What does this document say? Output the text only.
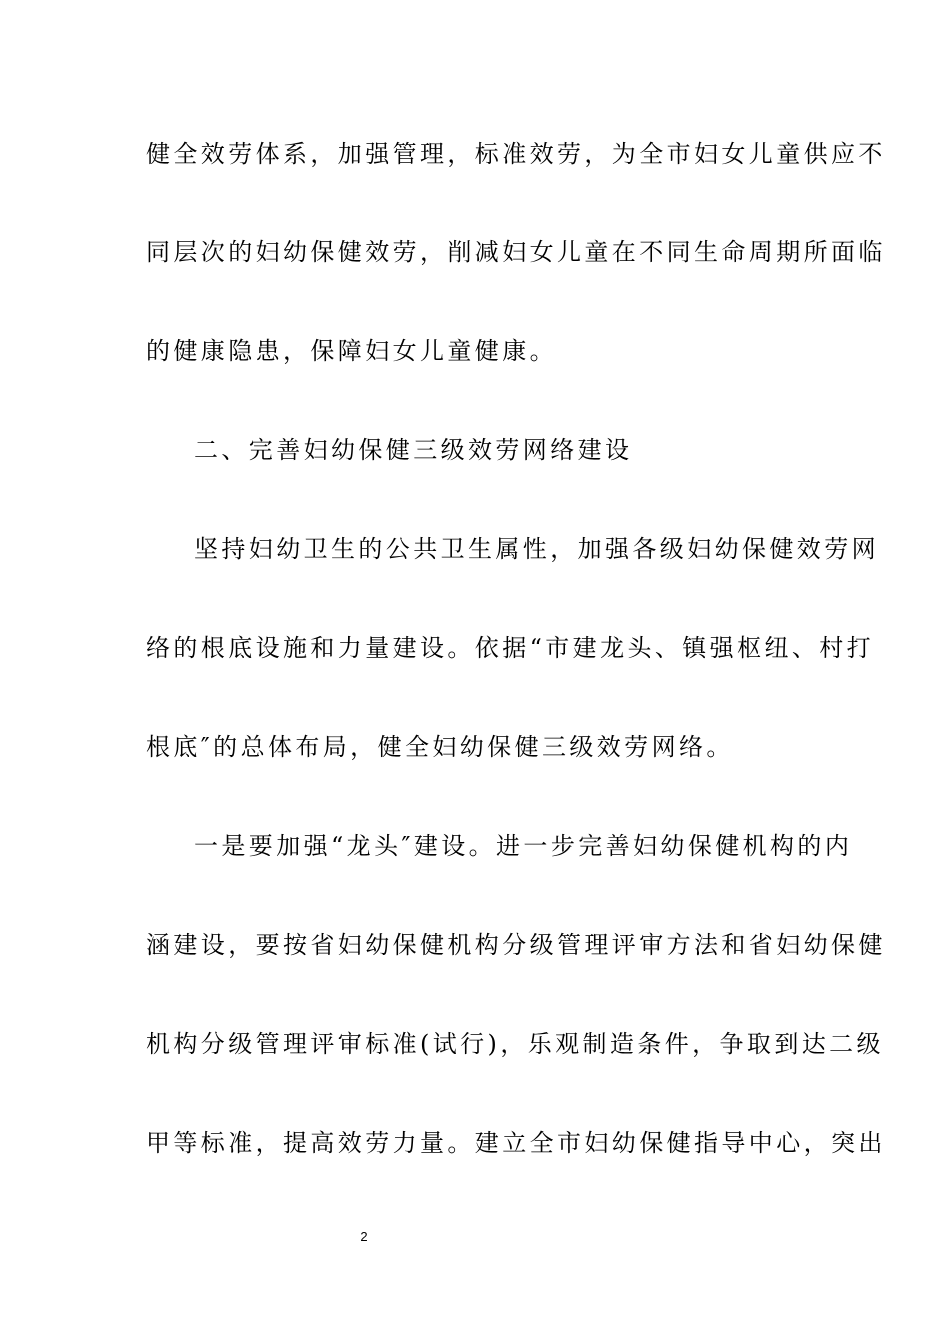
健全效劳体系，加强管理，标准效劳，为全市妇女儿童供应不
同层次的妇幼保健效劳，削减妇女儿童在不同生命周期所面临
的健康隐患，保障妇女儿童健康。
二、完善妇幼保健三级效劳网络建设
坚持妇幼卫生的公共卫生属性，加强各级妇幼保健效劳网
络的根底设施和力量建设。依据“市建龙头、镇强枢纽、村打
根底″的总体布局，健全妇幼保健三级效劳网络。
一是要加强“龙头″建设。进一步完善妇幼保健机构的内
涵建设，要按省妇幼保健机构分级管理评审方法和省妇幼保健
机构分级管理评审标准(试行)，乐观制造条件，争取到达二级
甲等标准，提高效劳力量。建立全市妇幼保健指导中心，突出
2
